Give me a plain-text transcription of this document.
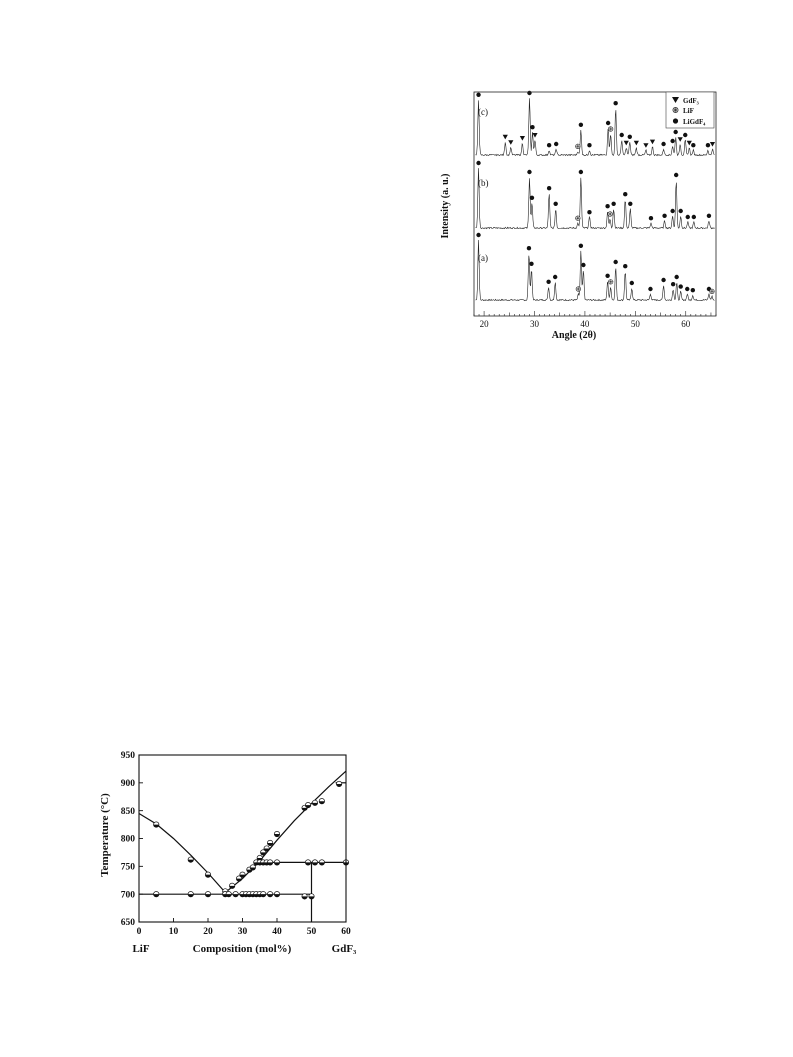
20	30	40	50	60
Angle (2θ)
Intensity (a. u.)
GdF₃
LiF
LiGdF₄
(c)
(b)
(a)
0	10	20	30	40	50	60
650
700
750
800
850
900
950
Temperature (°C)
Composition (mol%)
LiF	GdF₃
